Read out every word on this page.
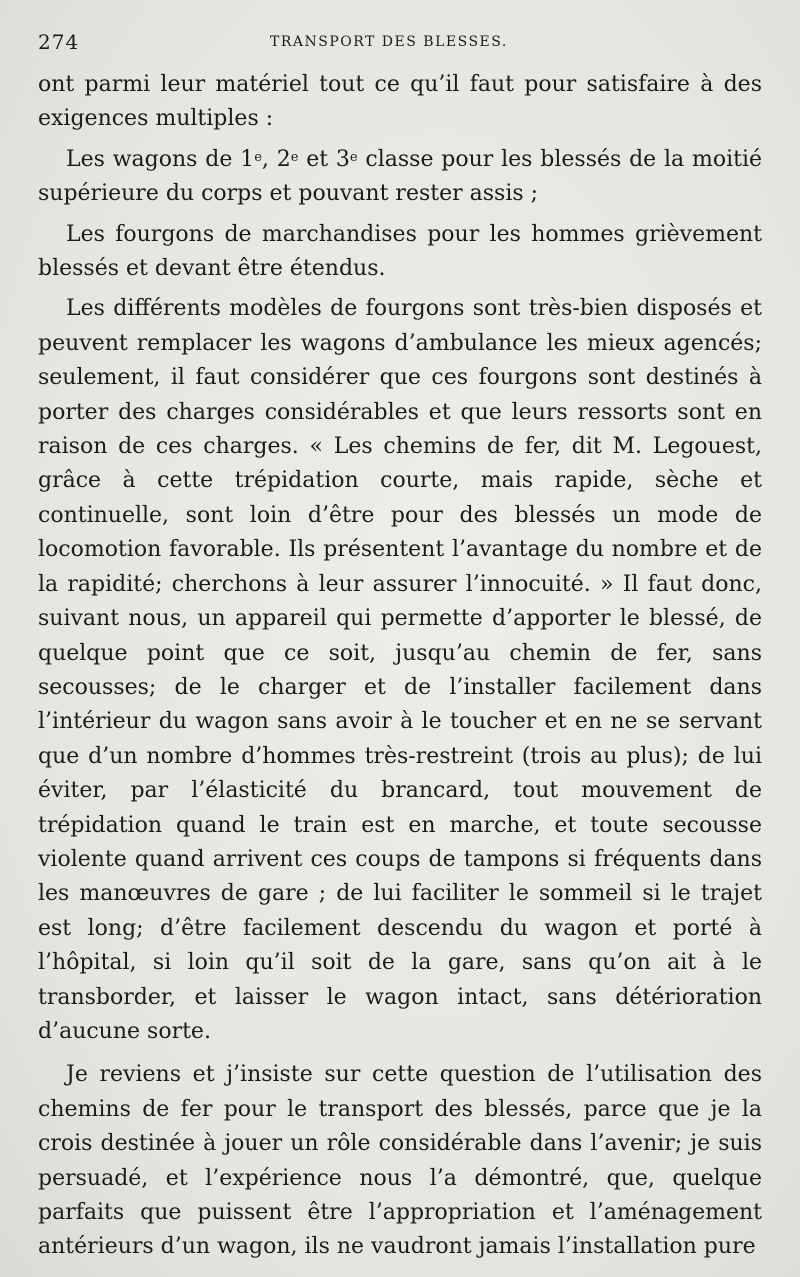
274	TRANSPORT DES BLESSES.

ont parmi leur matériel tout ce qu’il faut pour satisfaire à des exigences multiples :

Les wagons de 1e, 2e et 3e classe pour les blessés de la moitié supérieure du corps et pouvant rester assis ;

Les fourgons de marchandises pour les hommes grièvement blessés et devant être étendus.

Les différents modèles de fourgons sont très-bien disposés et peuvent remplacer les wagons d’ambulance les mieux agencés; seulement, il faut considérer que ces fourgons sont destinés à porter des charges considérables et que leurs ressorts sont en raison de ces charges. « Les chemins de fer, dit M. Legouest, grâce à cette trépidation courte, mais rapide, sèche et continuelle, sont loin d’être pour des blessés un mode de locomotion favorable. Ils présentent l’avantage du nombre et de la rapidité; cherchons à leur assurer l’innocuité. » Il faut donc, suivant nous, un appareil qui permette d’apporter le blessé, de quelque point que ce soit, jusqu’au chemin de fer, sans secousses; de le charger et de l’installer facilement dans l’intérieur du wagon sans avoir à le toucher et en ne se servant que d’un nombre d’hommes très-restreint (trois au plus); de lui éviter, par l’élasticité du brancard, tout mouvement de trépidation quand le train est en marche, et toute secousse violente quand arrivent ces coups de tampons si fréquents dans les manœuvres de gare ; de lui faciliter le sommeil si le trajet est long; d’être facilement descendu du wagon et porté à l’hôpital, si loin qu’il soit de la gare, sans qu’on ait à le transborder, et laisser le wagon intact, sans détérioration d’aucune sorte.

Je reviens et j’insiste sur cette question de l’utilisation des chemins de fer pour le transport des blessés, parce que je la crois destinée à jouer un rôle considérable dans l’avenir; je suis persuadé, et l’expérience nous l’a démontré, que, quelque parfaits que puissent être l’appropriation et l’aménagement antérieurs d’un wagon, ils ne vaudront jamais l’installation pure
